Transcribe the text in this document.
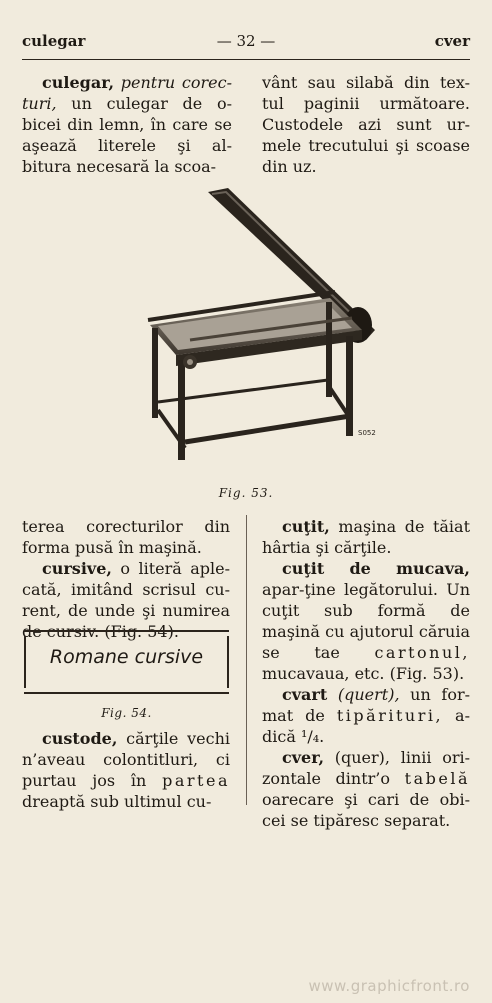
culegar	— 32 —	cver

culegar, pentru corec-turi, un culegar de o-bicei din lemn, în care se aşează literele şi al-bitura necesară la scoa-

vânt sau silabă din tex-tul paginii următoare. Custodele azi sunt ur-mele trecutului şi scoase din uz.

S052
Fig. 53.

terea corecturilor din forma pusă în maşină.

cursive, o literă aple-cată, imitând scrisul cu-rent, de unde şi numirea de cursiv. (Fig. 54).

Romane cursive
Fig. 54.

custode, cărţile vechi n’aveau colontitluri, ci purtau jos în partea dreaptă sub ultimul cu-

cuţit, maşina de tăiat hârtia şi cărţile.

cuţit de mucava, apar-ţine legătorului. Un cuţit sub formă de maşină cu ajutorul căruia se tae cartonul, mucavaua, etc. (Fig. 53).

cvart (quert), un for-mat de tipărituri, a-dică ¹/₄.

cver, (quer), linii ori-zontale dintr’o tabelă oarecare şi cari de obi-cei se tipăresc separat.

www.graphicfront.ro
